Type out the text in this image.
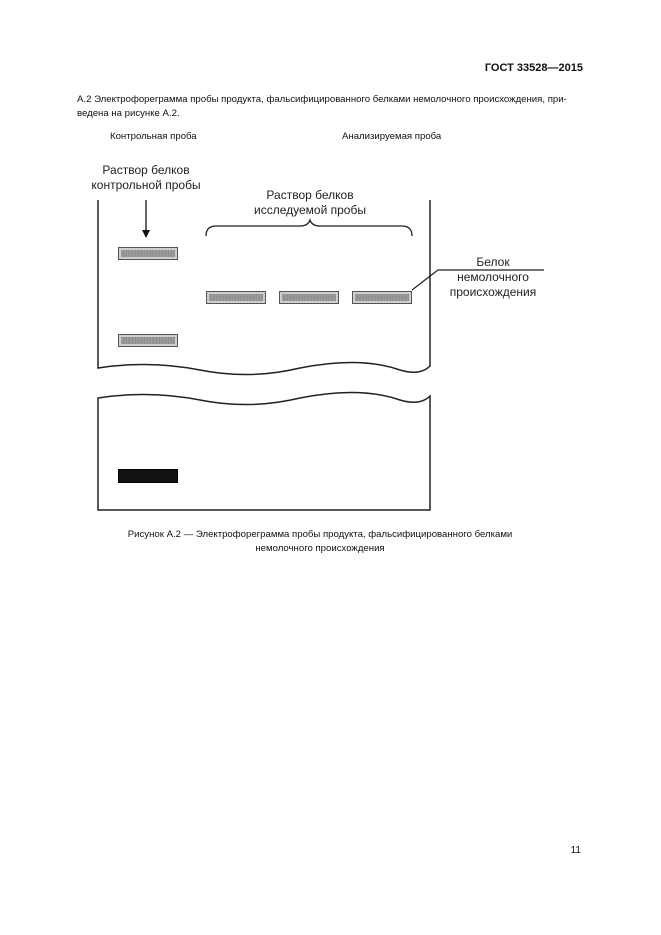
ГОСТ 33528—2015
А.2 Электрофореграмма пробы продукта, фальсифицированного белками немолочного происхождения, при-
ведена на рисунке А.2.
Контрольная проба	Анализируемая проба
Раствор белков
контрольной пробы
Раствор белков
исследуемой пробы
Белок
немолочного
происхождения
Рисунок А.2 — Электрофореграмма пробы продукта, фальсифицированного белками
немолочного происхождения
11
